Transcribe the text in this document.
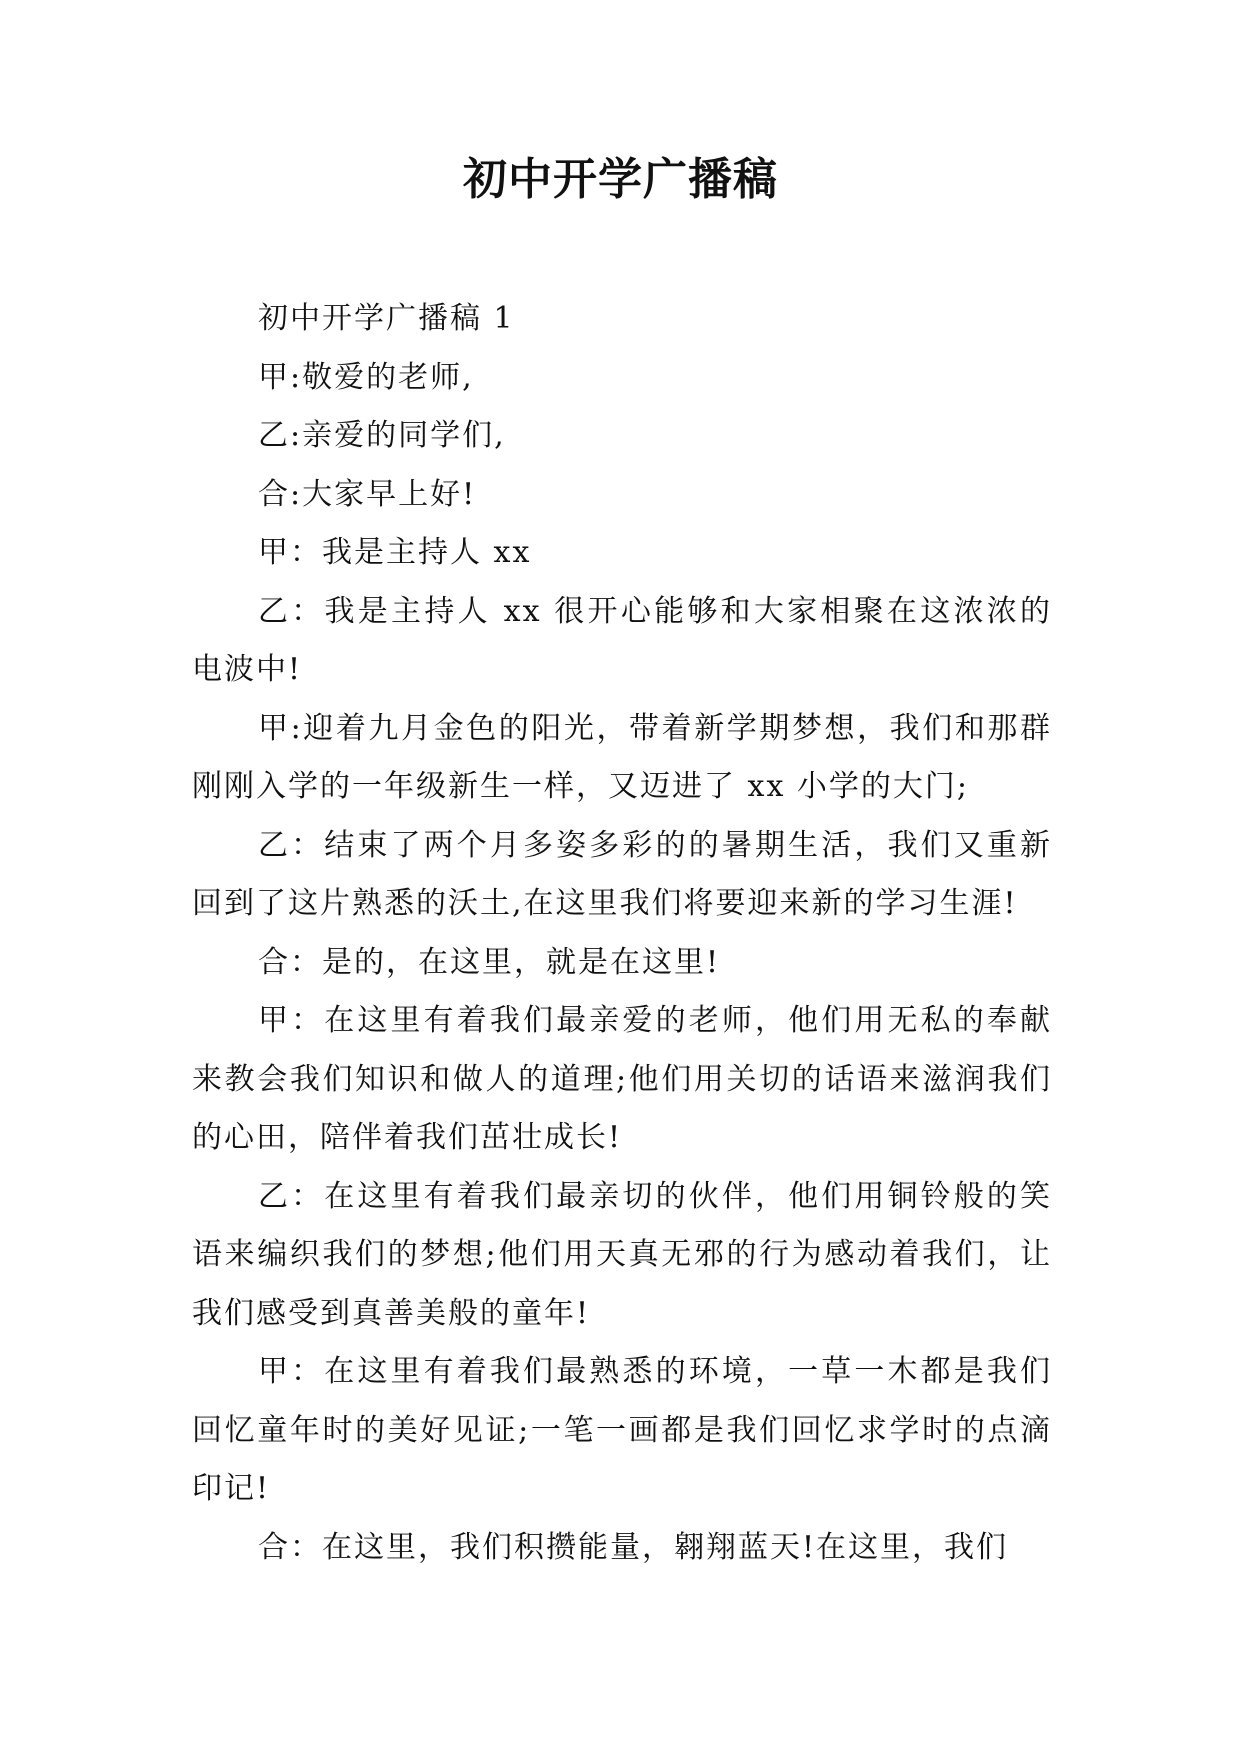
初中开学广播稿

初中开学广播稿 1

甲:敬爱的老师,

乙:亲爱的同学们,

合:大家早上好!

甲：我是主持人 xx

乙：我是主持人 xx 很开心能够和大家相聚在这浓浓的电波中!

甲:迎着九月金色的阳光，带着新学期梦想，我们和那群刚刚入学的一年级新生一样，又迈进了 xx 小学的大门;

乙：结束了两个月多姿多彩的的暑期生活，我们又重新回到了这片熟悉的沃土,在这里我们将要迎来新的学习生涯!

合：是的，在这里，就是在这里!

甲：在这里有着我们最亲爱的老师，他们用无私的奉献来教会我们知识和做人的道理;他们用关切的话语来滋润我们的心田，陪伴着我们茁壮成长!

乙：在这里有着我们最亲切的伙伴，他们用铜铃般的笑语来编织我们的梦想;他们用天真无邪的行为感动着我们，让我们感受到真善美般的童年!

甲：在这里有着我们最熟悉的环境，一草一木都是我们回忆童年时的美好见证;一笔一画都是我们回忆求学时的点滴印记!

合：在这里，我们积攒能量，翱翔蓝天!在这里，我们
